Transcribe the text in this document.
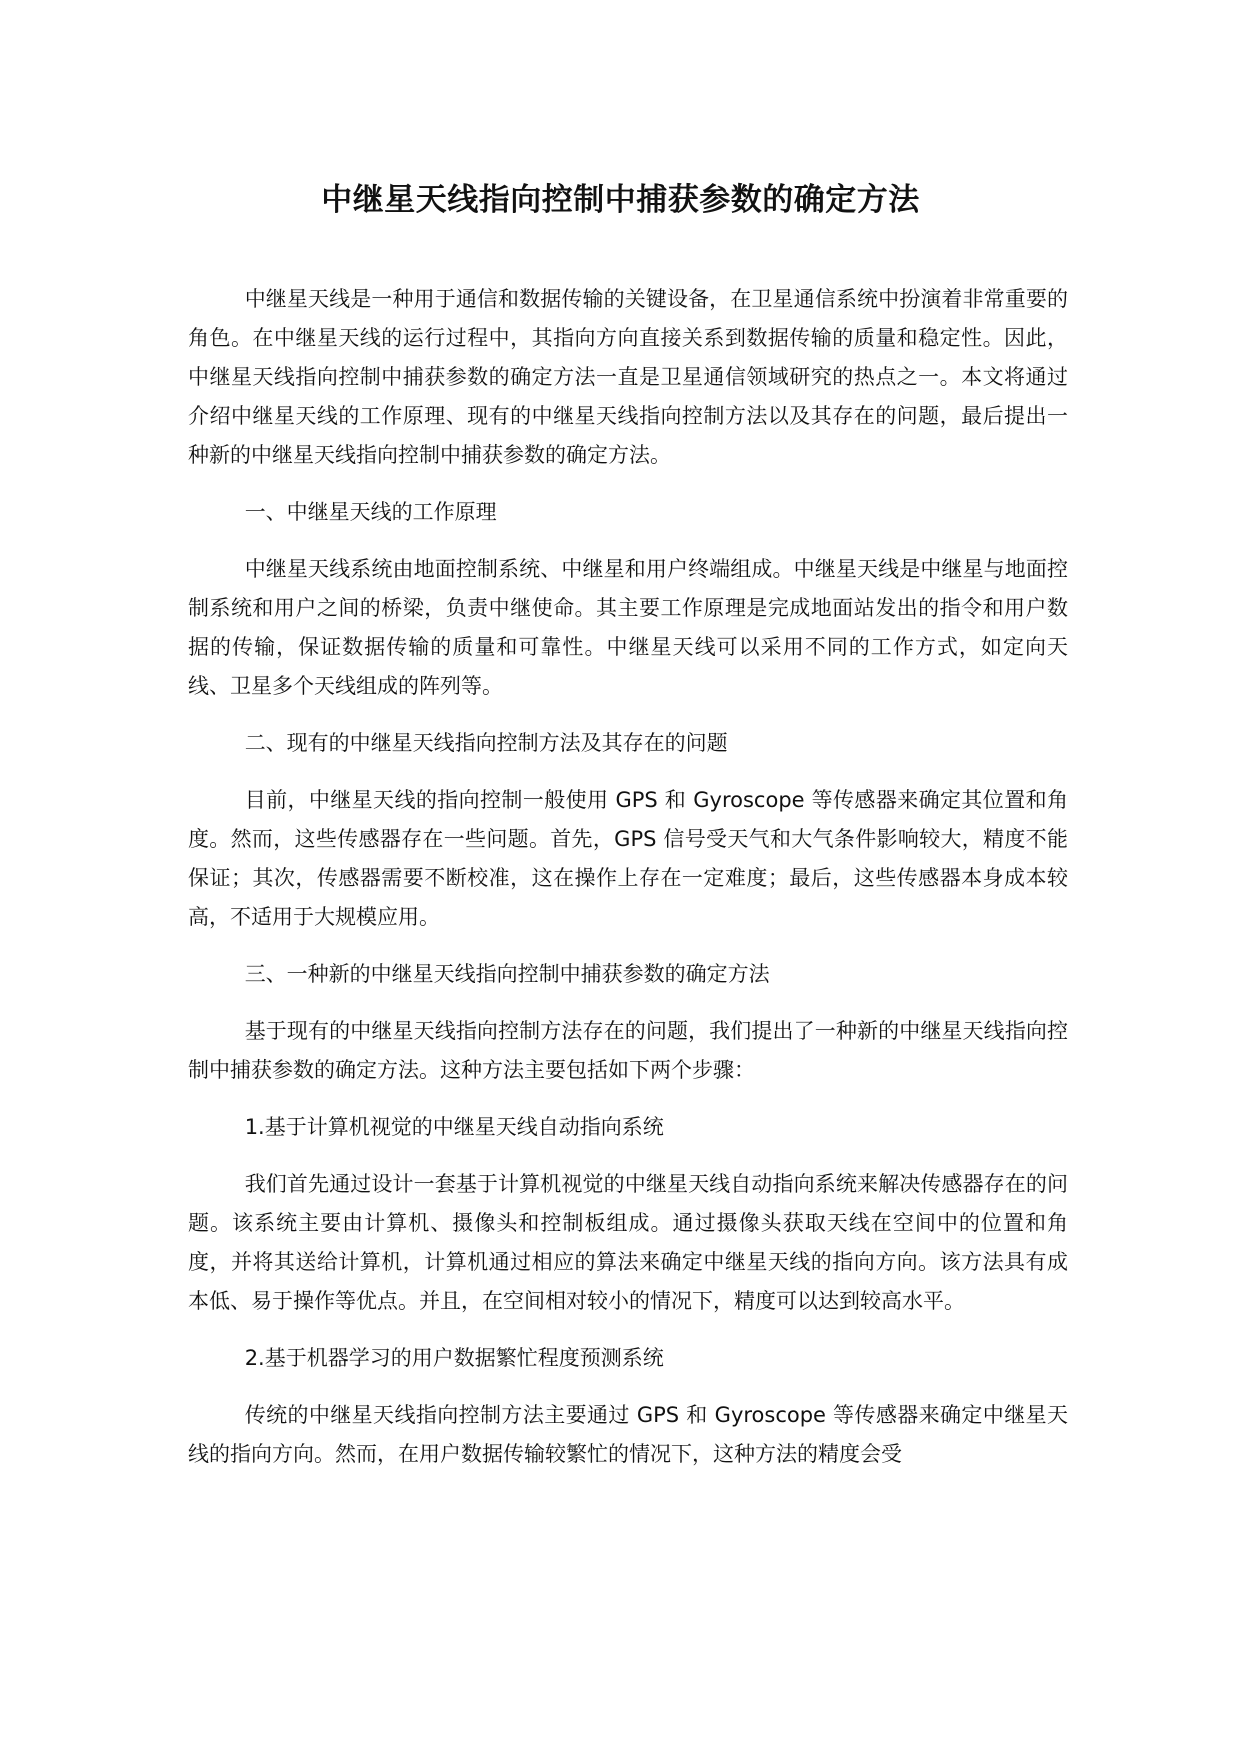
中继星天线指向控制中捕获参数的确定方法

中继星天线是一种用于通信和数据传输的关键设备，在卫星通信系统中扮演着非常重要的角色。在中继星天线的运行过程中，其指向方向直接关系到数据传输的质量和稳定性。因此，中继星天线指向控制中捕获参数的确定方法一直是卫星通信领域研究的热点之一。本文将通过介绍中继星天线的工作原理、现有的中继星天线指向控制方法以及其存在的问题，最后提出一种新的中继星天线指向控制中捕获参数的确定方法。

一、中继星天线的工作原理

中继星天线系统由地面控制系统、中继星和用户终端组成。中继星天线是中继星与地面控制系统和用户之间的桥梁，负责中继使命。其主要工作原理是完成地面站发出的指令和用户数据的传输，保证数据传输的质量和可靠性。中继星天线可以采用不同的工作方式，如定向天线、卫星多个天线组成的阵列等。

二、现有的中继星天线指向控制方法及其存在的问题

目前，中继星天线的指向控制一般使用 GPS 和 Gyroscope 等传感器来确定其位置和角度。然而，这些传感器存在一些问题。首先，GPS 信号受天气和大气条件影响较大，精度不能保证；其次，传感器需要不断校准，这在操作上存在一定难度；最后，这些传感器本身成本较高，不适用于大规模应用。

三、一种新的中继星天线指向控制中捕获参数的确定方法

基于现有的中继星天线指向控制方法存在的问题，我们提出了一种新的中继星天线指向控制中捕获参数的确定方法。这种方法主要包括如下两个步骤：

1.基于计算机视觉的中继星天线自动指向系统

我们首先通过设计一套基于计算机视觉的中继星天线自动指向系统来解决传感器存在的问题。该系统主要由计算机、摄像头和控制板组成。通过摄像头获取天线在空间中的位置和角度，并将其送给计算机，计算机通过相应的算法来确定中继星天线的指向方向。该方法具有成本低、易于操作等优点。并且，在空间相对较小的情况下，精度可以达到较高水平。

2.基于机器学习的用户数据繁忙程度预测系统

传统的中继星天线指向控制方法主要通过 GPS 和 Gyroscope 等传感器来确定中继星天线的指向方向。然而，在用户数据传输较繁忙的情况下，这种方法的精度会受
